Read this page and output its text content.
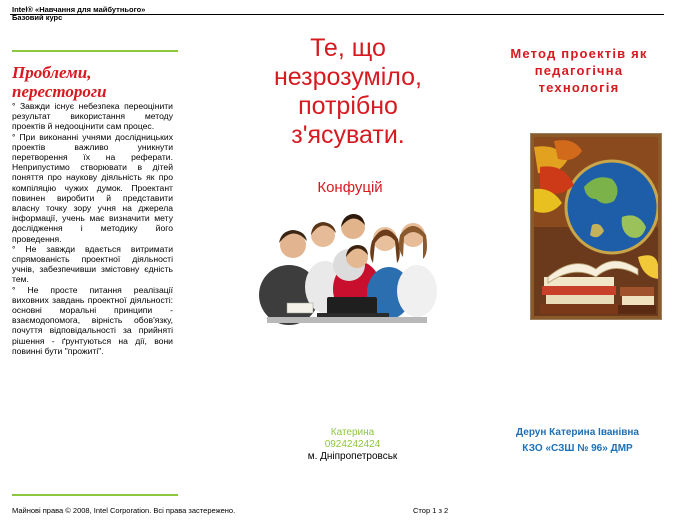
Intel® «Навчання для майбутнього»
Базовий курс
Проблеми, перестороги

° Завжди існує небезпека переоцінити результат використання методу проектів й недооцінити сам процес.

° При виконанні учнями дослідницьких проектів важливо уникнути перетворення їх на реферати. Неприпустимо створювати в дітей поняття про наукову діяльність як про компіляцію чужих думок. Проектант повинен виробити й представити власну точку зору учня на джерела інформації, учень має визначити мету дослідження і методику його проведення.

° Не завжди вдається витримати спрямованість проектної діяльності учнів, забезпечивши змістовну єдність тем.

° Не просте питання реалізації виховних завдань проектної діяльності: основні моральні принципи - взаємодопомога, вірність обов'язку, почуття відповідальності за прийняті рішення - ґрунтуються на дії, вони повинні бути "прожиті".

Те, що незрозуміло, потрібно з'ясувати.
Конфуцій
Катерина
0924242424
м. Дніпропетровськ
Метод проектів як педагогічна технологія
Дерун Катерина Іванівна
КЗО «СЗШ № 96» ДМР
Майнові права © 2008, Intel Corporation. Всі права застережено.	Стор 1 з 2
